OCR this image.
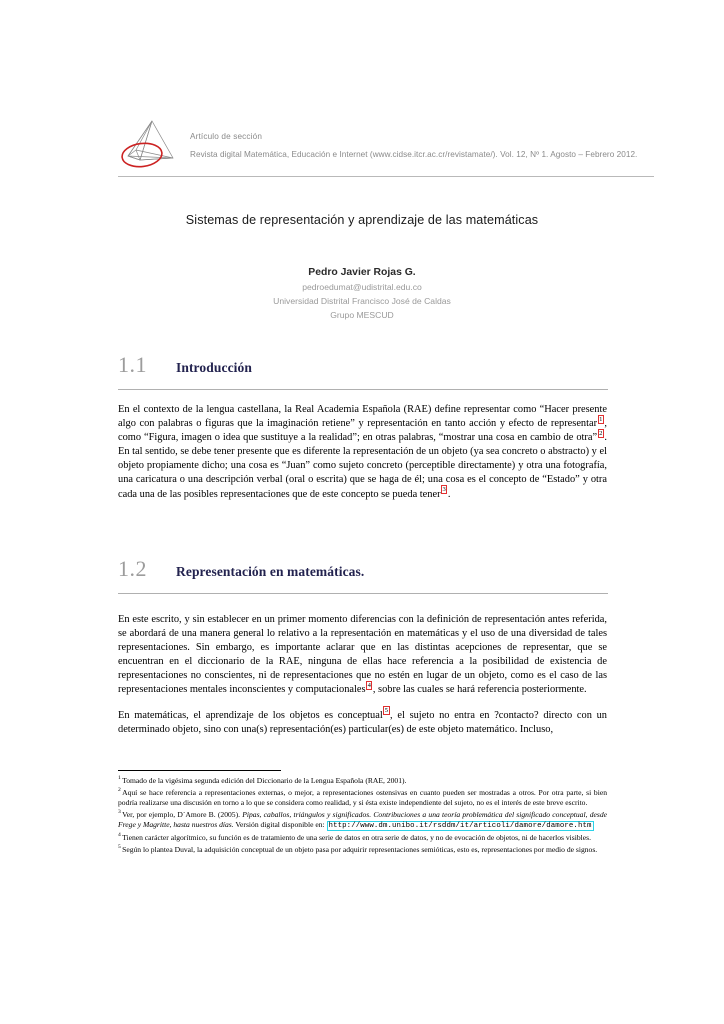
Artículo de sección
Revista digital Matemática, Educación e Internet (www.cidse.itcr.ac.cr/revistamate/). Vol. 12, Nº 1. Agosto – Febrero 2012.
Sistemas de representación y aprendizaje de las matemáticas
Pedro Javier Rojas G.
pedroedumat@udistrital.edu.co
Universidad Distrital Francisco José de Caldas
Grupo MESCUD
1.1	Introducción

En el contexto de la lengua castellana, la Real Academia Española (RAE) define representar como “Hacer presente algo con palabras o figuras que la imaginación retiene” y representación en tanto acción y efecto de representar $^1$ , como “Figura, imagen o idea que sustituye a la realidad”; en otras palabras, “mostrar una cosa en cambio de otra” $^2$ . En tal sentido, se debe tener presente que es diferente la representación de un objeto (ya sea concreto o abstracto) y el objeto propiamente dicho; una cosa es “Juan” como sujeto concreto (perceptible directamente) y otra una fotografía, una caricatura o una descripción verbal (oral o escrita) que se haga de él; una cosa es el concepto de “Estado” y otra cada una de las posibles representaciones que de este concepto se pueda tener $^3$ .

1.2	Representación en matemáticas.

En este escrito, y sin establecer en un primer momento diferencias con la definición de representación antes referida, se abordará de una manera general lo relativo a la representación en matemáticas y el uso de una diversidad de tales representaciones. Sin embargo, es importante aclarar que en las distintas acepciones de representar, que se encuentran en el diccionario de la RAE, ninguna de ellas hace referencia a la posibilidad de existencia de representaciones no conscientes, ni de representaciones que no estén en lugar de un objeto, como es el caso de las representaciones mentales inconscientes y computacionales $^4$ , sobre las cuales se hará referencia posteriormente.

En matemáticas, el aprendizaje de los objetos es conceptual $^5$ , el sujeto no entra en ?contacto? directo con un determinado objeto, sino con una(s) representación(es) particular(es) de este objeto matemático. Incluso,

$^1$Tomado de la vigésima segunda edición del Diccionario de la Lengua Española (RAE, 2001).

$^2$Aquí se hace referencia a representaciones externas, o mejor, a representaciones ostensivas en cuanto pueden ser mostradas a otros. Por otra parte, si bien podría realizarse una discusión en torno a lo que se considera como realidad, y si ésta existe independiente del sujeto, no es el interés de este breve escrito.

$^3$Ver, por ejemplo, D´Amore B. (2005). Pipas, caballos, triángulos y significados. Contribuciones a una teoría problemática del significado conceptual, desde Frege y Magritte, hasta nuestros días. Versión digital disponible en: http://www.dm.unibo.it/rsddm/it/articoli/damore/damore.htm

$^4$Tienen carácter algorítmico, su función es de tratamiento de una serie de datos en otra serie de datos, y no de evocación de objetos, ni de hacerlos visibles.

$^5$Según lo plantea Duval, la adquisición conceptual de un objeto pasa por adquirir representaciones semióticas, esto es, representaciones por medio de signos.
